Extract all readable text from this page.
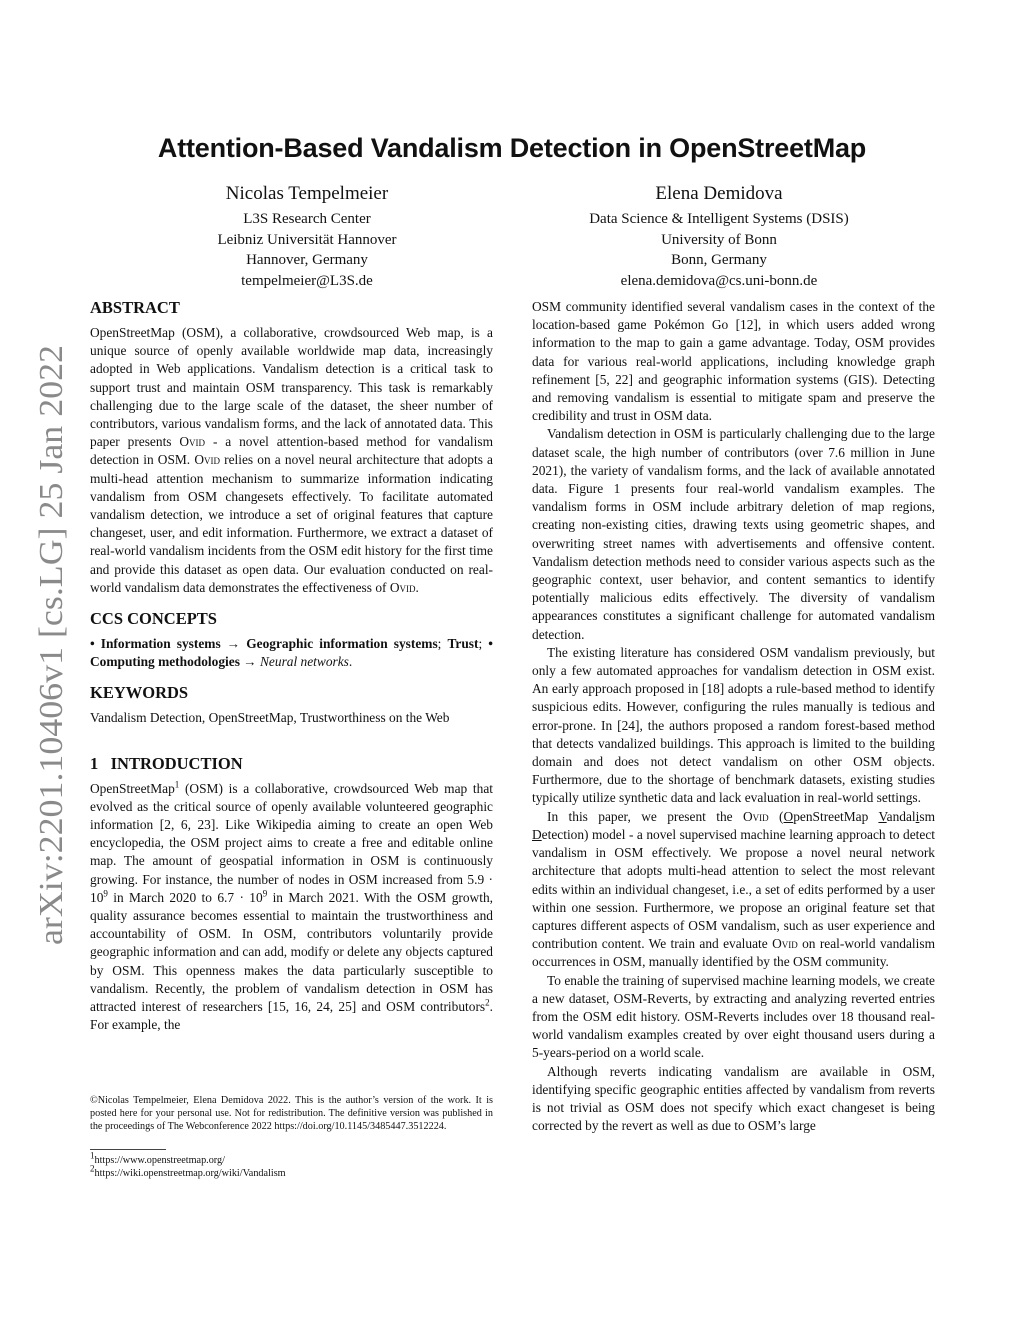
arXiv:2201.10406v1 [cs.LG] 25 Jan 2022
Attention-Based Vandalism Detection in OpenStreetMap
Nicolas Tempelmeier
L3S Research Center
Leibniz Universität Hannover
Hannover, Germany
tempelmeier@L3S.de
Elena Demidova
Data Science & Intelligent Systems (DSIS)
University of Bonn
Bonn, Germany
elena.demidova@cs.uni-bonn.de
ABSTRACT

OpenStreetMap (OSM), a collaborative, crowdsourced Web map, is a unique source of openly available worldwide map data, increasingly adopted in Web applications. Vandalism detection is a critical task to support trust and maintain OSM transparency. This task is remarkably challenging due to the large scale of the dataset, the sheer number of contributors, various vandalism forms, and the lack of annotated data. This paper presents Ovid - a novel attention-based method for vandalism detection in OSM. Ovid relies on a novel neural architecture that adopts a multi-head attention mechanism to summarize information indicating vandalism from OSM changesets effectively. To facilitate automated vandalism detection, we introduce a set of original features that capture changeset, user, and edit information. Furthermore, we extract a dataset of real-world vandalism incidents from the OSM edit history for the first time and provide this dataset as open data. Our evaluation conducted on real-world vandalism data demonstrates the effectiveness of Ovid.

CCS CONCEPTS

• Information systems → Geographic information systems; Trust; • Computing methodologies → Neural networks.

KEYWORDS

Vandalism Detection, OpenStreetMap, Trustworthiness on the Web

1   INTRODUCTION

OpenStreetMap$^1$ (OSM) is a collaborative, crowdsourced Web map that evolved as the critical source of openly available volunteered geographic information [2, 6, 23]. Like Wikipedia aiming to create an open Web encyclopedia, the OSM project aims to create a free and editable online map. The amount of geospatial information in OSM is continuously growing. For instance, the number of nodes in OSM increased from $5.9 \cdot 10^9$ in March 2020 to $6.7 \cdot 10^9$ in March 2021. With the OSM growth, quality assurance becomes essential to maintain the trustworthiness and accountability of OSM. In OSM, contributors voluntarily provide geographic information and can add, modify or delete any objects captured by OSM. This openness makes the data particularly susceptible to vandalism. Recently, the problem of vandalism detection in OSM has attracted interest of researchers [15, 16, 24, 25] and OSM contributors$^2$. For example, the

©Nicolas Tempelmeier, Elena Demidova 2022. This is the author’s version of the work. It is posted here for your personal use. Not for redistribution. The definitive version was published in the proceedings of The Webconference 2022 https://doi.org/10.1145/3485447.3512224.

$^1$https://www.openstreetmap.org/

$^2$https://wiki.openstreetmap.org/wiki/Vandalism

OSM community identified several vandalism cases in the context of the location-based game Pokémon Go [12], in which users added wrong information to the map to gain a game advantage. Today, OSM provides data for various real-world applications, including knowledge graph refinement [5, 22] and geographic information systems (GIS). Detecting and removing vandalism is essential to mitigate spam and preserve the credibility and trust in OSM data.

Vandalism detection in OSM is particularly challenging due to the large dataset scale, the high number of contributors (over 7.6 million in June 2021), the variety of vandalism forms, and the lack of available annotated data. Figure 1 presents four real-world vandalism examples. The vandalism forms in OSM include arbitrary deletion of map regions, creating non-existing cities, drawing texts using geometric shapes, and overwriting street names with advertisements and offensive content. Vandalism detection methods need to consider various aspects such as the geographic context, user behavior, and content semantics to identify potentially malicious edits effectively. The diversity of vandalism appearances constitutes a significant challenge for automated vandalism detection.

The existing literature has considered OSM vandalism previously, but only a few automated approaches for vandalism detection in OSM exist. An early approach proposed in [18] adopts a rule-based method to identify suspicious edits. However, configuring the rules manually is tedious and error-prone. In [24], the authors proposed a random forest-based method that detects vandalized buildings. This approach is limited to the building domain and does not detect vandalism on other OSM objects. Furthermore, due to the shortage of benchmark datasets, existing studies typically utilize synthetic data and lack evaluation in real-world settings.

In this paper, we present the Ovid (OpenStreetMap Vandalism Detection) model - a novel supervised machine learning approach to detect vandalism in OSM effectively. We propose a novel neural network architecture that adopts multi-head attention to select the most relevant edits within an individual changeset, i.e., a set of edits performed by a user within one session. Furthermore, we propose an original feature set that captures different aspects of OSM vandalism, such as user experience and contribution content. We train and evaluate Ovid on real-world vandalism occurrences in OSM, manually identified by the OSM community.

To enable the training of supervised machine learning models, we create a new dataset, OSM-Reverts, by extracting and analyzing reverted entries from the OSM edit history. OSM-Reverts includes over 18 thousand real-world vandalism examples created by over eight thousand users during a 5-years-period on a world scale.

Although reverts indicating vandalism are available in OSM, identifying specific geographic entities affected by vandalism from reverts is not trivial as OSM does not specify which exact changeset is being corrected by the revert as well as due to OSM’s large
